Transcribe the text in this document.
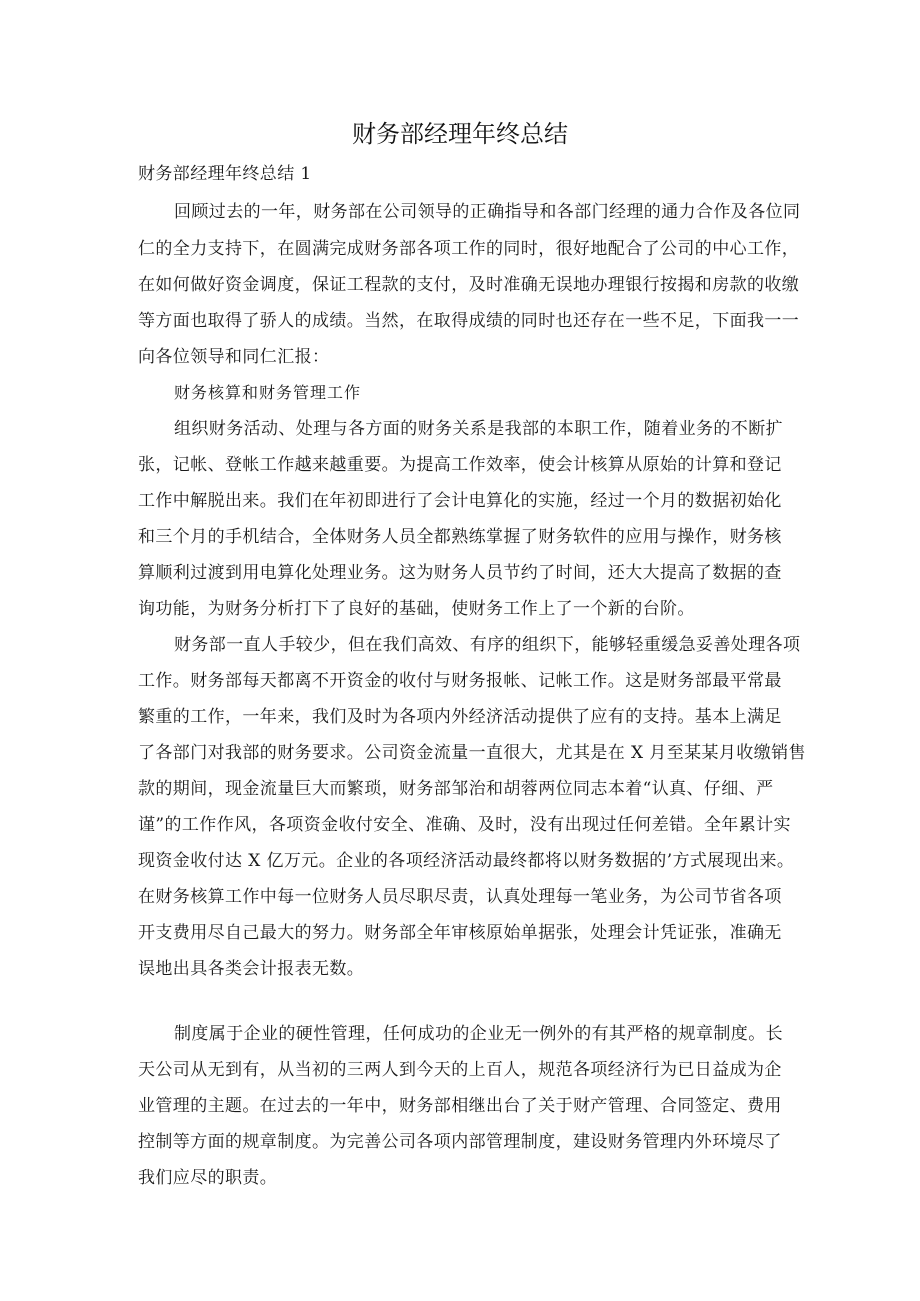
财务部经理年终总结
财务部经理年终总结 1
回顾过去的一年，财务部在公司领导的正确指导和各部门经理的通力合作及各位同
仁的全力支持下，在圆满完成财务部各项工作的同时，很好地配合了公司的中心工作，
在如何做好资金调度，保证工程款的支付，及时准确无误地办理银行按揭和房款的收缴
等方面也取得了骄人的成绩。当然，在取得成绩的同时也还存在一些不足，下面我一一
向各位领导和同仁汇报：
财务核算和财务管理工作
组织财务活动、处理与各方面的财务关系是我部的本职工作，随着业务的不断扩
张，记帐、登帐工作越来越重要。为提高工作效率，使会计核算从原始的计算和登记
工作中解脱出来。我们在年初即进行了会计电算化的实施，经过一个月的数据初始化
和三个月的手机结合，全体财务人员全都熟练掌握了财务软件的应用与操作，财务核
算顺利过渡到用电算化处理业务。这为财务人员节约了时间，还大大提高了数据的查
询功能，为财务分析打下了良好的基础，使财务工作上了一个新的台阶。
财务部一直人手较少，但在我们高效、有序的组织下，能够轻重缓急妥善处理各项
工作。财务部每天都离不开资金的收付与财务报帐、记帐工作。这是财务部最平常最
繁重的工作，一年来，我们及时为各项内外经济活动提供了应有的支持。基本上满足
了各部门对我部的财务要求。公司资金流量一直很大，尤其是在 X 月至某某月收缴销售
款的期间，现金流量巨大而繁琐，财务部邹治和胡蓉两位同志本着“认真、仔细、严
谨”的工作作风，各项资金收付安全、准确、及时，没有出现过任何差错。全年累计实
现资金收付达 X 亿万元。企业的各项经济活动最终都将以财务数据的’方式展现出来。
在财务核算工作中每一位财务人员尽职尽责，认真处理每一笔业务，为公司节省各项
开支费用尽自己最大的努力。财务部全年审核原始单据张，处理会计凭证张，准确无
误地出具各类会计报表无数。
制度属于企业的硬性管理，任何成功的企业无一例外的有其严格的规章制度。长
天公司从无到有，从当初的三两人到今天的上百人，规范各项经济行为已日益成为企
业管理的主题。在过去的一年中，财务部相继出台了关于财产管理、合同签定、费用
控制等方面的规章制度。为完善公司各项内部管理制度，建设财务管理内外环境尽了
我们应尽的职责。
